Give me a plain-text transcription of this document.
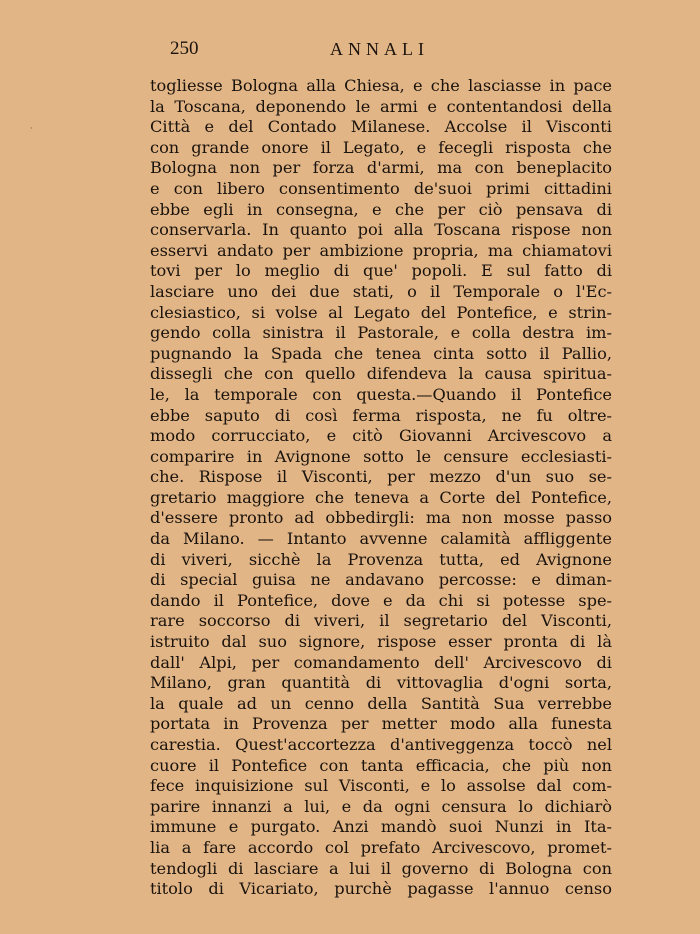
250	ANNALI
·
togliesse Bologna alla Chiesa, e che lasciasse in pace
la Toscana, deponendo le armi e contentandosi della
Città e del Contado Milanese. Accolse il Visconti
con grande onore il Legato, e fecegli risposta che
Bologna non per forza d'armi, ma con beneplacito
e con libero consentimento de'suoi primi cittadini
ebbe egli in consegna, e che per ciò pensava di
conservarla. In quanto poi alla Toscana rispose non
esservi andato per ambizione propria, ma chiamatovi
tovi per lo meglio di que' popoli. E sul fatto di
lasciare uno dei due stati, o il Temporale o l'Ec-
clesiastico, si volse al Legato del Pontefice, e strin-
gendo colla sinistra il Pastorale, e colla destra im-
pugnando la Spada che tenea cinta sotto il Pallio,
dissegli che con quello difendeva la causa spiritua-
le, la temporale con questa.—Quando il Pontefice
ebbe saputo di così ferma risposta, ne fu oltre-
modo corrucciato, e citò Giovanni Arcivescovo a
comparire in Avignone sotto le censure ecclesiasti-
che. Rispose il Visconti, per mezzo d'un suo se-
gretario maggiore che teneva a Corte del Pontefice,
d'essere pronto ad obbedirgli: ma non mosse passo
da Milano. — Intanto avvenne calamità affliggente
di viveri, sicchè la Provenza tutta, ed Avignone
di special guisa ne andavano percosse: e diman-
dando il Pontefice, dove e da chi si potesse spe-
rare soccorso di viveri, il segretario del Visconti,
istruito dal suo signore, rispose esser pronta di là
dall' Alpi, per comandamento dell' Arcivescovo di
Milano, gran quantità di vittovaglia d'ogni sorta,
la quale ad un cenno della Santità Sua verrebbe
portata in Provenza per metter modo alla funesta
carestia. Quest'accortezza d'antiveggenza toccò nel
cuore il Pontefice con tanta efficacia, che più non
fece inquisizione sul Visconti, e lo assolse dal com-
parire innanzi a lui, e da ogni censura lo dichiarò
immune e purgato. Anzi mandò suoi Nunzi in Ita-
lia a fare accordo col prefato Arcivescovo, promet-
tendogli di lasciare a lui il governo di Bologna con
titolo di Vicariato, purchè pagasse l'annuo censo
